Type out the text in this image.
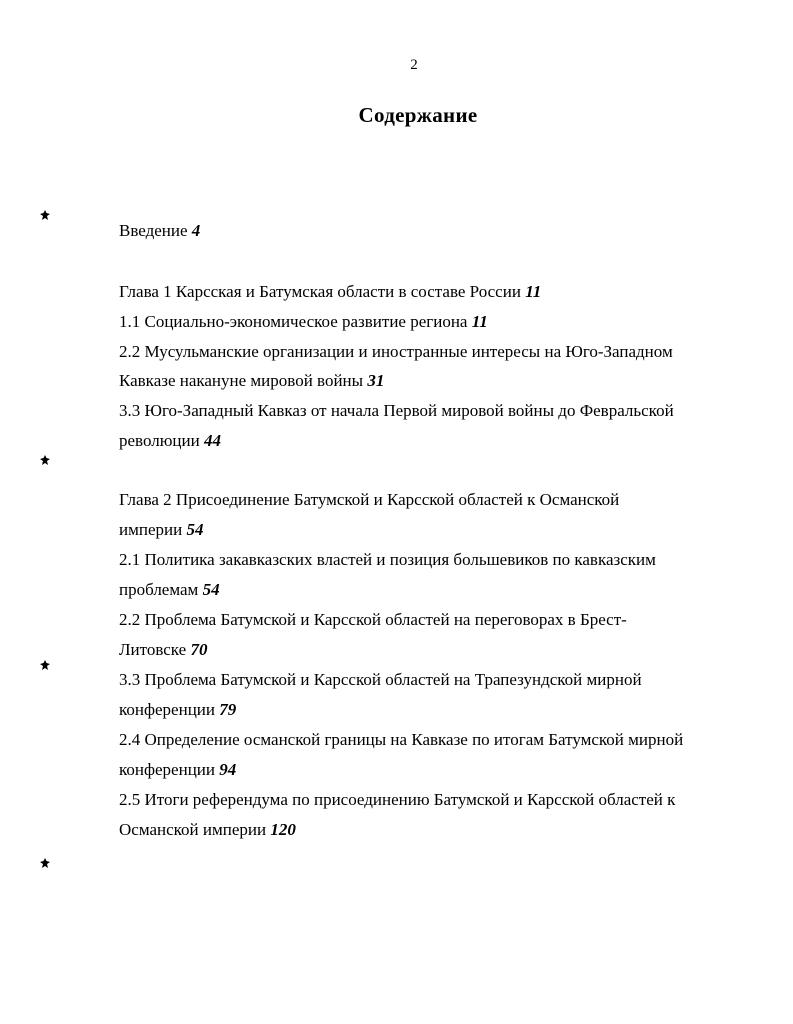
2
Содержание
Введение 4
Глава 1 Карсская и Батумская области в составе России 11
1.1 Социально-экономическое развитие региона 11
2.2 Мусульманские организации и иностранные интересы на Юго-Западном
Кавказе накануне мировой войны 31
3.3 Юго-Западный Кавказ от начала Первой мировой войны до Февральской
революции 44
Глава 2 Присоединение Батумской и Карсской областей к Османской
империи 54
2.1 Политика закавказских властей и позиция большевиков по кавказским
проблемам 54
2.2 Проблема Батумской и Карсской областей на переговорах в Брест-
Литовске 70
3.3 Проблема Батумской и Карсской областей на Трапезундской мирной
конференции 79
2.4 Определение османской границы на Кавказе по итогам Батумской мирной
конференции 94
2.5 Итоги референдума по присоединению Батумской и Карсской областей к
Османской империи 120
